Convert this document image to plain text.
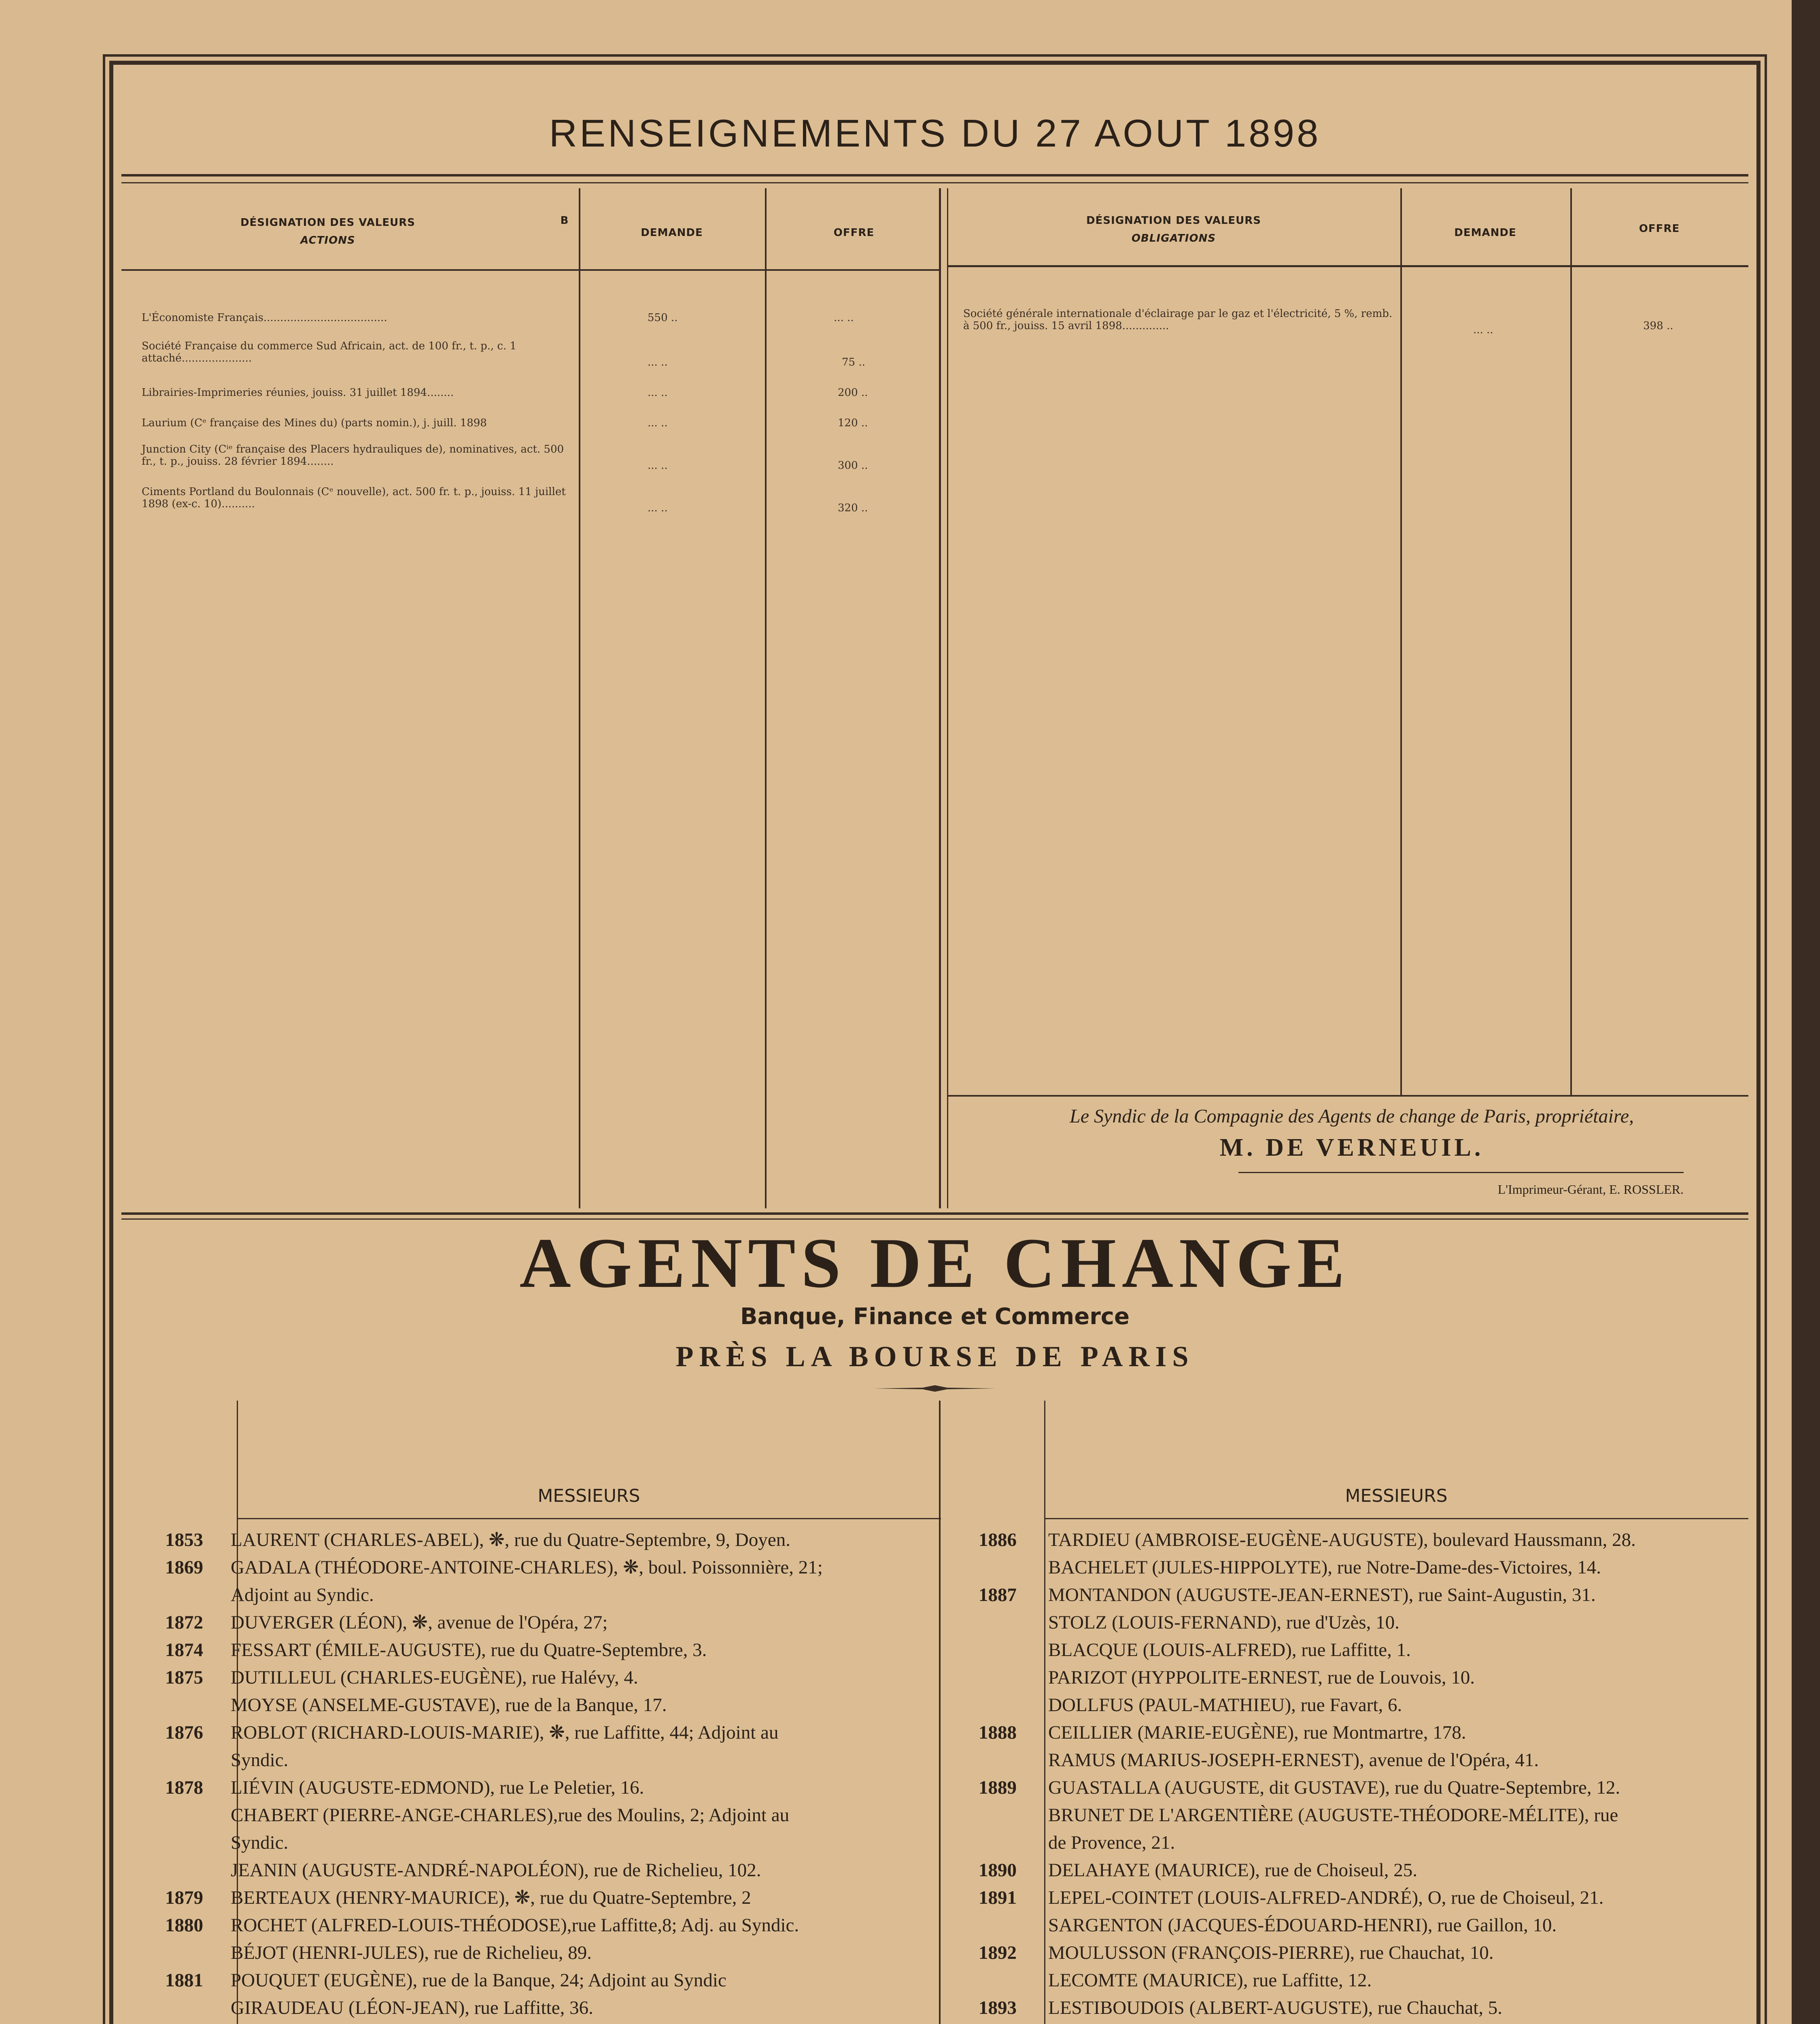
RENSEIGNEMENTS DU 27 AOUT 1898
DÉSIGNATION DES VALEURS
ACTIONS
B
DEMANDE	OFFRE
DÉSIGNATION DES VALEURS
OBLIGATIONS	DEMANDE	OFFRE
L'Économiste Français.....................................	550 ..	... ..
Société Française du commerce Sud Africain, act. de 100 fr., t. p., c. 1 attaché.....................	... ..	75 ..
Librairies-Imprimeries réunies, jouiss. 31 juillet 1894........	... ..	200 ..
Laurium (Cᵉ française des Mines du) (parts nomin.), j. juill. 1898	... ..	120 ..
Junction City (Cⁱᵉ française des Placers hydrauliques de), nominatives, act. 500 fr., t. p., jouiss. 28 février 1894........	... ..	300 ..
Ciments Portland du Boulonnais (Cᵉ nouvelle), act. 500 fr. t. p., jouiss. 11 juillet 1898 (ex-c. 10)..........	... ..	320 ..
Société générale internationale d'éclairage par le gaz et l'électricité, 5 %, remb. à 500 fr., jouiss. 15 avril 1898..............	... ..	398 ..
Le Syndic de la Compagnie des Agents de change de Paris, propriétaire,
M. DE VERNEUIL.
L'Imprimeur-Gérant, E. ROSSLER.
AGENTS DE CHANGE
Banque, Finance et Commerce
PRÈS LA BOURSE DE PARIS
MESSIEURS	MESSIEURS
1853	LAURENT (CHARLES-ABEL), ❋, rue du Quatre-Septembre, 9, Doyen.
1869	GADALA (THÉODORE-ANTOINE-CHARLES), ❋, boul. Poissonnière, 21;
Adjoint au Syndic.
1872	DUVERGER (LÉON), ❋, avenue de l'Opéra, 27;
1874	FESSART (ÉMILE-AUGUSTE), rue du Quatre-Septembre, 3.
1875	DUTILLEUL (CHARLES-EUGÈNE), rue Halévy, 4.
MOYSE (ANSELME-GUSTAVE), rue de la Banque, 17.
1876	ROBLOT (RICHARD-LOUIS-MARIE), ❋, rue Laffitte, 44; Adjoint au
Syndic.
1878	LIÉVIN (AUGUSTE-EDMOND), rue Le Peletier, 16.
CHABERT (PIERRE-ANGE-CHARLES),rue des Moulins, 2; Adjoint au
Syndic.
JEANIN (AUGUSTE-ANDRÉ-NAPOLÉON), rue de Richelieu, 102.
1879	BERTEAUX (HENRY-MAURICE), ❋, rue du Quatre-Septembre, 2
1880	ROCHET (ALFRED-LOUIS-THÉODOSE),rue Laffitte,8; Adj. au Syndic.
BÉJOT (HENRI-JULES), rue de Richelieu, 89.
1881	POUQUET (EUGÈNE), rue de la Banque, 24; Adjoint au Syndic
GIRAUDEAU (LÉON-JEAN), rue Laffitte, 36.
1886	TARDIEU (AMBROISE-EUGÈNE-AUGUSTE), boulevard Haussmann, 28.
BACHELET (JULES-HIPPOLYTE), rue Notre-Dame-des-Victoires, 14.
1887	MONTANDON (AUGUSTE-JEAN-ERNEST), rue Saint-Augustin, 31.
STOLZ (LOUIS-FERNAND), rue d'Uzès, 10.
BLACQUE (LOUIS-ALFRED), rue Laffitte, 1.
PARIZOT (HYPPOLITE-ERNEST, rue de Louvois, 10.
DOLLFUS (PAUL-MATHIEU), rue Favart, 6.
1888	CEILLIER (MARIE-EUGÈNE), rue Montmartre, 178.
RAMUS (MARIUS-JOSEPH-ERNEST), avenue de l'Opéra, 41.
1889	GUASTALLA (AUGUSTE, dit GUSTAVE), rue du Quatre-Septembre, 12.
BRUNET DE L'ARGENTIÈRE (AUGUSTE-THÉODORE-MÉLITE), rue
de Provence, 21.
1890	DELAHAYE (MAURICE), rue de Choiseul, 25.
1891	LEPEL-COINTET (LOUIS-ALFRED-ANDRÉ), O, rue de Choiseul, 21.
SARGENTON (JACQUES-ÉDOUARD-HENRI), rue Gaillon, 10.
1892	MOULUSSON (FRANÇOIS-PIERRE), rue Chauchat, 10.
LECOMTE (MAURICE), rue Laffitte, 12.
1893	LESTIBOUDOIS (ALBERT-AUGUSTE), rue Chauchat, 5.
